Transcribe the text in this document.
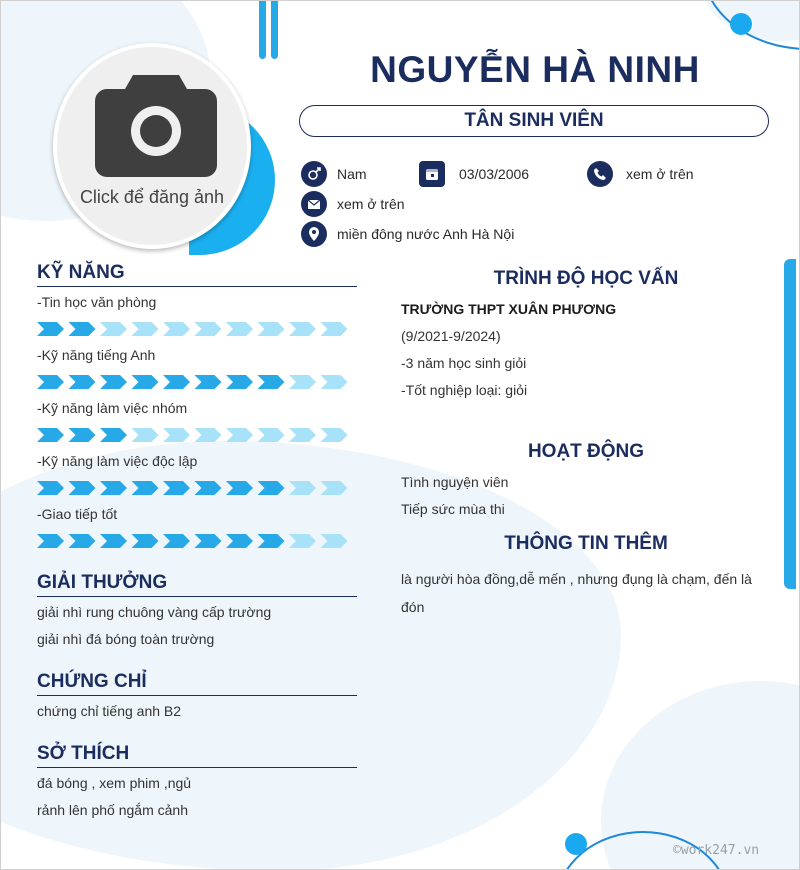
Click để đăng ảnh
NGUYỄN HÀ NINH
TÂN SINH VIÊN
Nam	03/03/2006	xem ở trên
xem ở trên
miền đông nước Anh Hà Nội
KỸ NĂNG
-Tin học văn phòng
-Kỹ năng tiếng Anh
-Kỹ năng làm việc nhóm
-Kỹ năng làm việc độc lập
-Giao tiếp tốt
GIẢI THƯỞNG
giải nhì rung chuông vàng cấp trường
giải nhì đá bóng toàn trường
CHỨNG CHỈ
chứng chỉ tiếng anh B2
SỞ THÍCH
đá bóng , xem phim ,ngủ
rảnh lên phố ngắm cảnh
TRÌNH ĐỘ HỌC VẤN
TRƯỜNG THPT XUÂN PHƯƠNG
(9/2021-9/2024)
-3 năm học sinh giỏi
-Tốt nghiệp loại: giỏi
HOẠT ĐỘNG
Tình nguyện viên
Tiếp sức mùa thi
THÔNG TIN THÊM
là người hòa đồng,dễ mến , nhưng đụng là chạm, đến là đón
©work247.vn
